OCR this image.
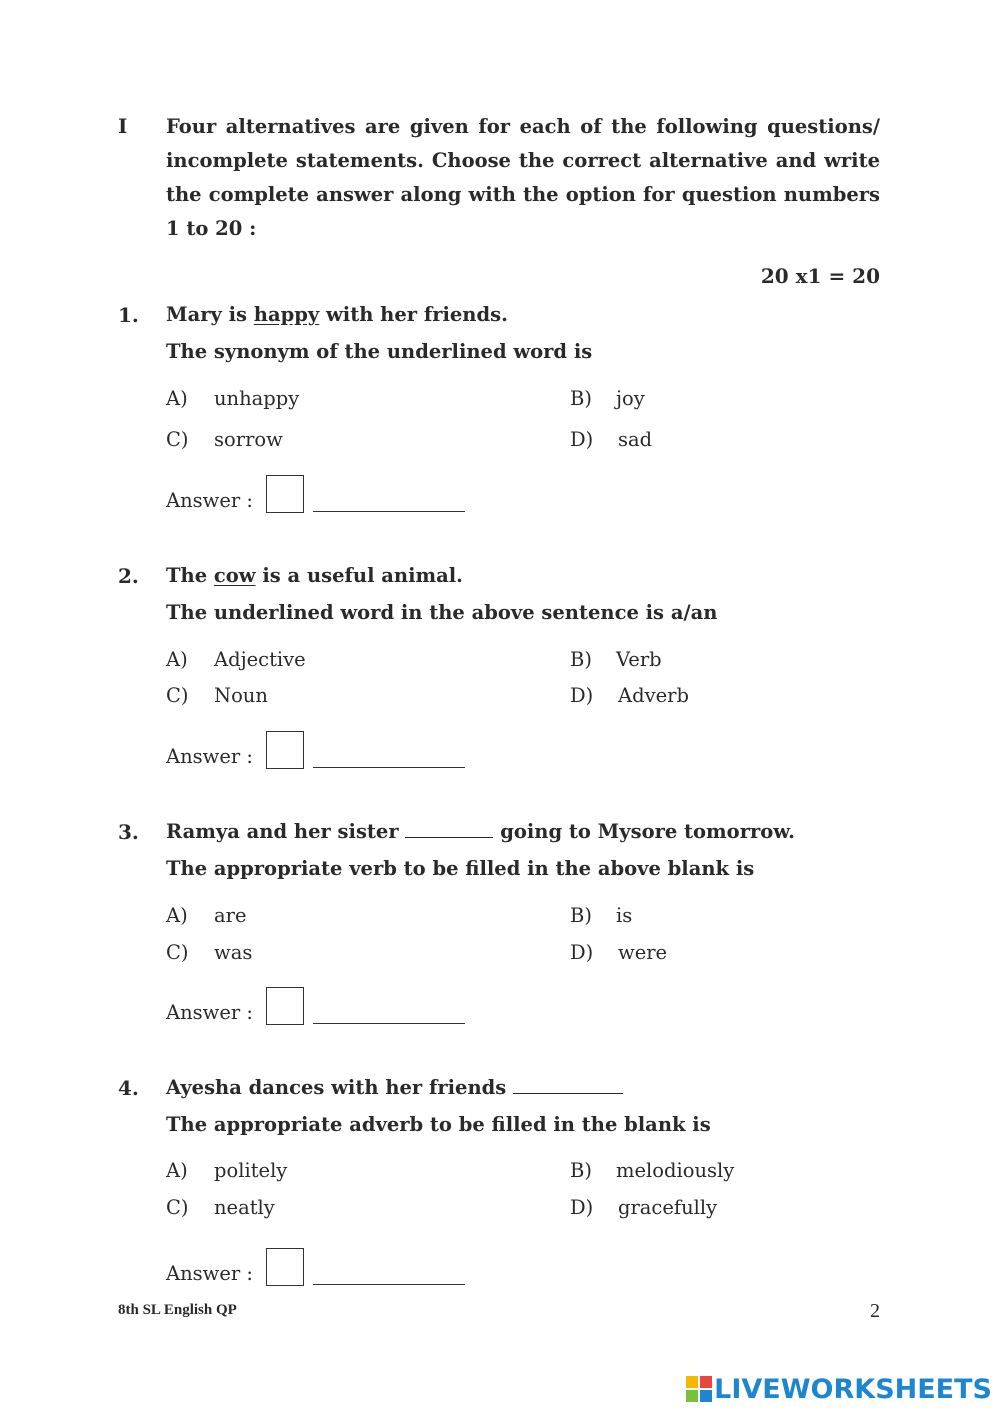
I Four alternatives are given for each of the following questions/ incomplete statements. Choose the correct alternative and write the complete answer along with the option for question numbers 1 to 20 :
20 x1 = 20
1. Mary is happy with her friends.
The synonym of the underlined word is
A) unhappy	B) joy
C) sorrow	D) sad
Answer :
2. The cow is a useful animal.
The underlined word in the above sentence is a/an
A) Adjective	B) Verb
C) Noun	D) Adverb
Answer :
3. Ramya and her sister	going to Mysore tomorrow.
The appropriate verb to be filled in the above blank is
A) are	B) is
C) was	D) were
Answer :
4. Ayesha dances with her friends
The appropriate adverb to be filled in the blank is
A) politely	B) melodiously
C) neatly	D) gracefully
Answer :
8th SL English QP	2
LIVEWORKSHEETS
